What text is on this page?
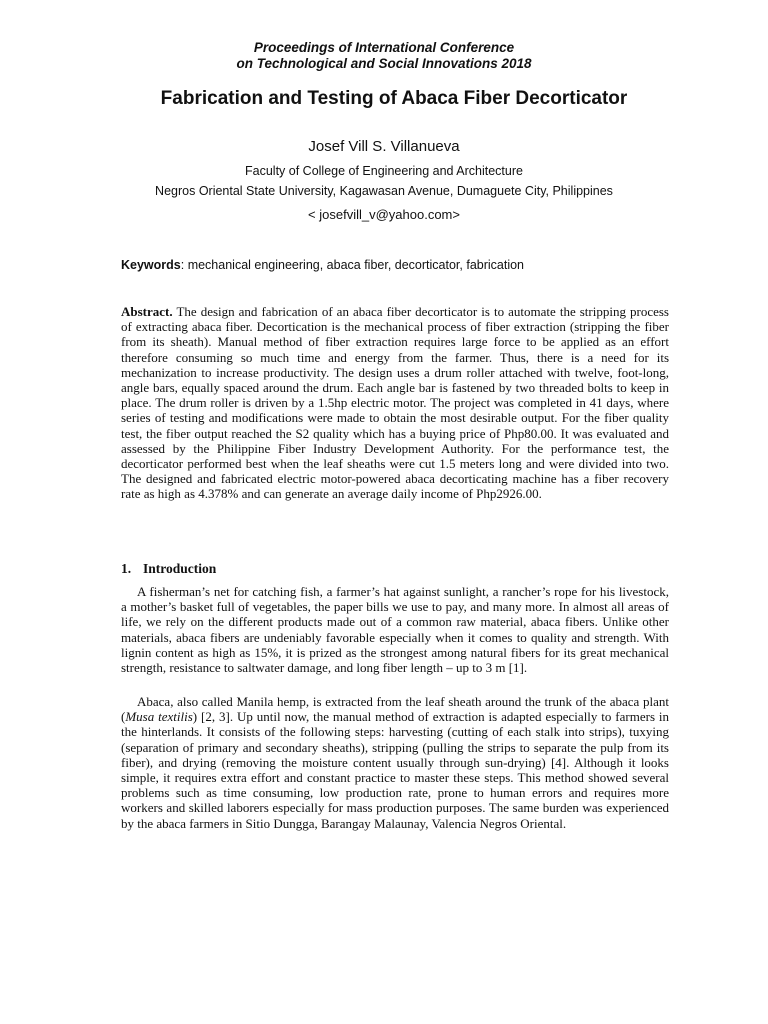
Proceedings of International Conference
on Technological and Social Innovations 2018
Fabrication and Testing of Abaca Fiber Decorticator
Josef Vill S. Villanueva
Faculty of College of Engineering and Architecture
Negros Oriental State University, Kagawasan Avenue, Dumaguete City, Philippines
< josefvill_v@yahoo.com>
Keywords: mechanical engineering, abaca fiber, decorticator, fabrication

Abstract. The design and fabrication of an abaca fiber decorticator is to automate the stripping process of extracting abaca fiber. Decortication is the mechanical process of fiber extraction (stripping the fiber from its sheath). Manual method of fiber extraction requires large force to be applied as an effort therefore consuming so much time and energy from the farmer. Thus, there is a need for its mechanization to increase productivity. The design uses a drum roller attached with twelve, foot-long, angle bars, equally spaced around the drum. Each angle bar is fastened by two threaded bolts to keep in place. The drum roller is driven by a 1.5hp electric motor. The project was completed in 41 days, where series of testing and modifications were made to obtain the most desirable output. For the fiber quality test, the fiber output reached the S2 quality which has a buying price of Php80.00. It was evaluated and assessed by the Philippine Fiber Industry Development Authority. For the performance test, the decorticator performed best when the leaf sheaths were cut 1.5 meters long and were divided into two. The designed and fabricated electric motor-powered abaca decorticating machine has a fiber recovery rate as high as 4.378% and can generate an average daily income of Php2926.00.

1. Introduction

A fisherman’s net for catching fish, a farmer’s hat against sunlight, a rancher’s rope for his livestock, a mother’s basket full of vegetables, the paper bills we use to pay, and many more. In almost all areas of life, we rely on the different products made out of a common raw material, abaca fibers. Unlike other materials, abaca fibers are undeniably favorable especially when it comes to quality and strength. With lignin content as high as 15%, it is prized as the strongest among natural fibers for its great mechanical strength, resistance to saltwater damage, and long fiber length – up to 3 m [1].

Abaca, also called Manila hemp, is extracted from the leaf sheath around the trunk of the abaca plant (Musa textilis) [2, 3]. Up until now, the manual method of extraction is adapted especially to farmers in the hinterlands. It consists of the following steps: harvesting (cutting of each stalk into strips), tuxying (separation of primary and secondary sheaths), stripping (pulling the strips to separate the pulp from its fiber), and drying (removing the moisture content usually through sun-drying) [4]. Although it looks simple, it requires extra effort and constant practice to master these steps. This method showed several problems such as time consuming, low production rate, prone to human errors and requires more workers and skilled laborers especially for mass production purposes. The same burden was experienced by the abaca farmers in Sitio Dungga, Barangay Malaunay, Valencia Negros Oriental.
